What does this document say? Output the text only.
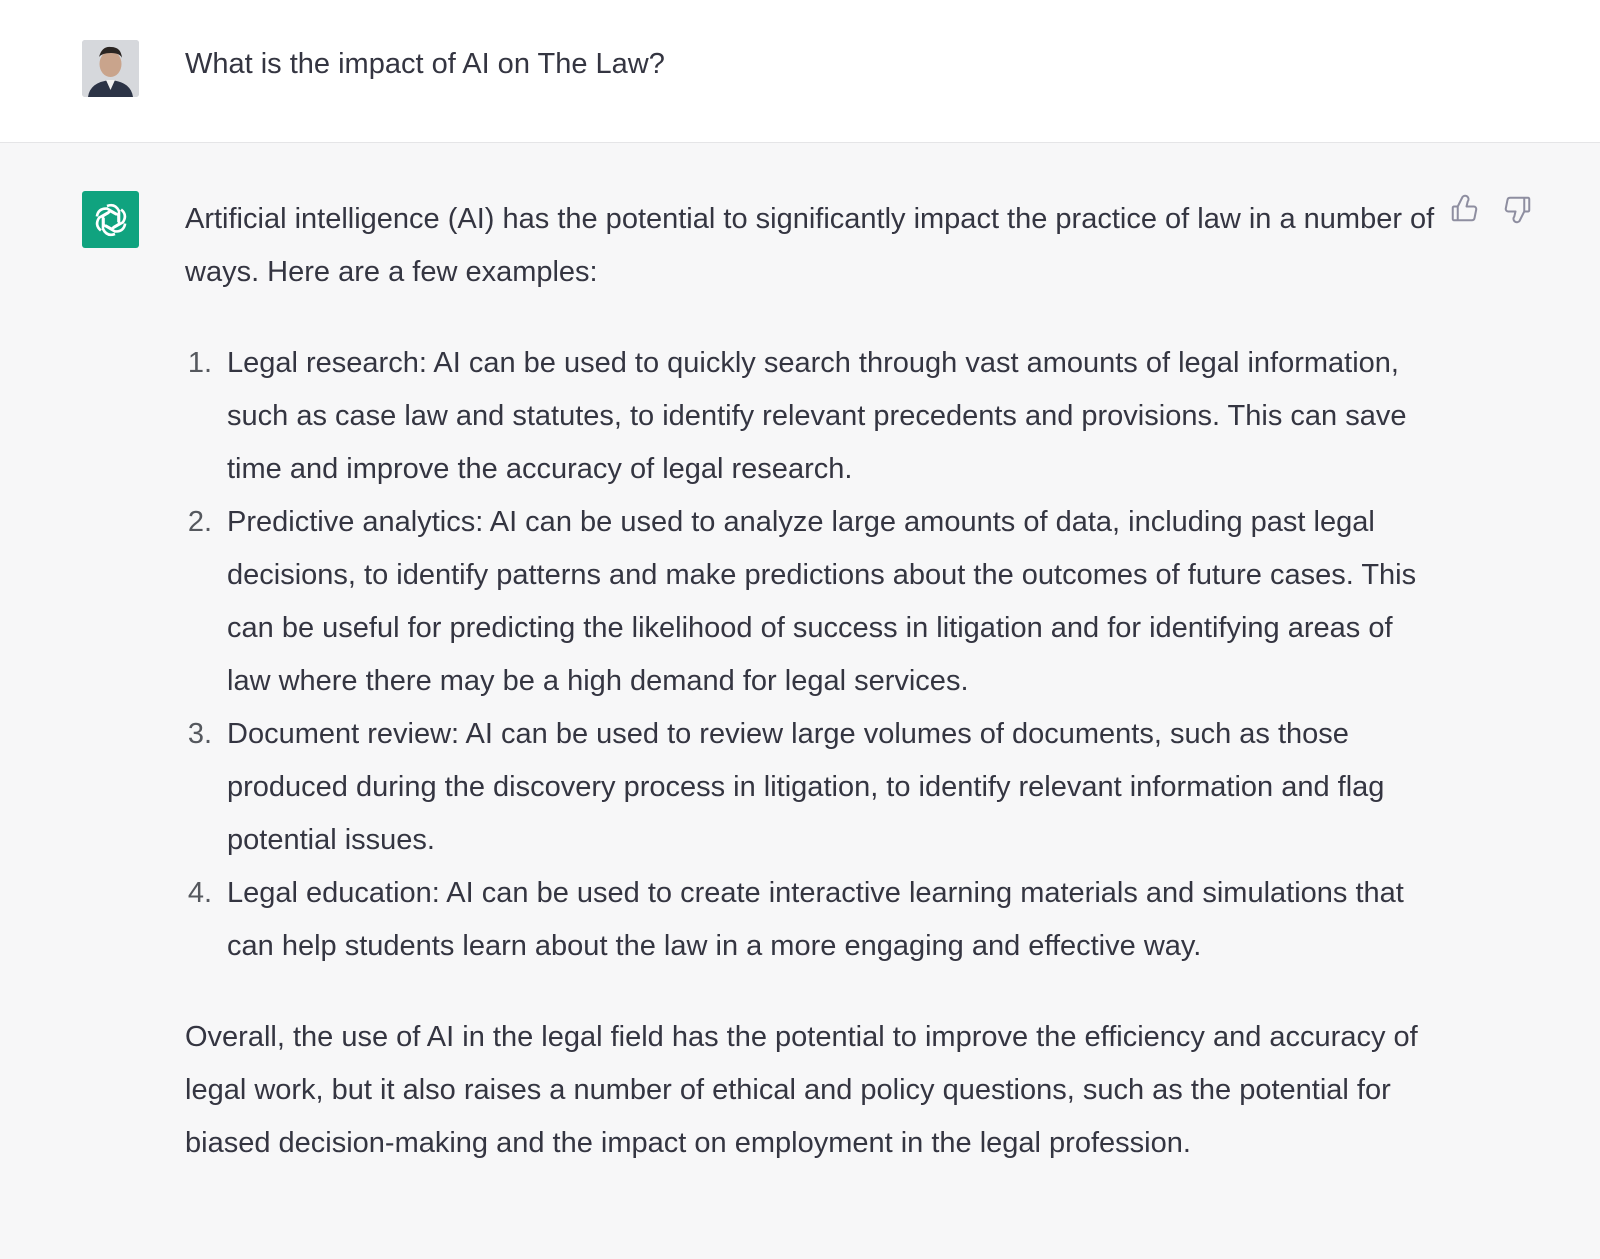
What is the impact of AI on The Law?

Artificial intelligence (AI) has the potential to significantly impact the practice of law in a number of ways. Here are a few examples:

1. Legal research: AI can be used to quickly search through vast amounts of legal information, such as case law and statutes, to identify relevant precedents and provisions. This can save time and improve the accuracy of legal research.
2. Predictive analytics: AI can be used to analyze large amounts of data, including past legal decisions, to identify patterns and make predictions about the outcomes of future cases. This can be useful for predicting the likelihood of success in litigation and for identifying areas of law where there may be a high demand for legal services.
3. Document review: AI can be used to review large volumes of documents, such as those produced during the discovery process in litigation, to identify relevant information and flag potential issues.
4. Legal education: AI can be used to create interactive learning materials and simulations that can help students learn about the law in a more engaging and effective way.

Overall, the use of AI in the legal field has the potential to improve the efficiency and accuracy of legal work, but it also raises a number of ethical and policy questions, such as the potential for biased decision-making and the impact on employment in the legal profession.
